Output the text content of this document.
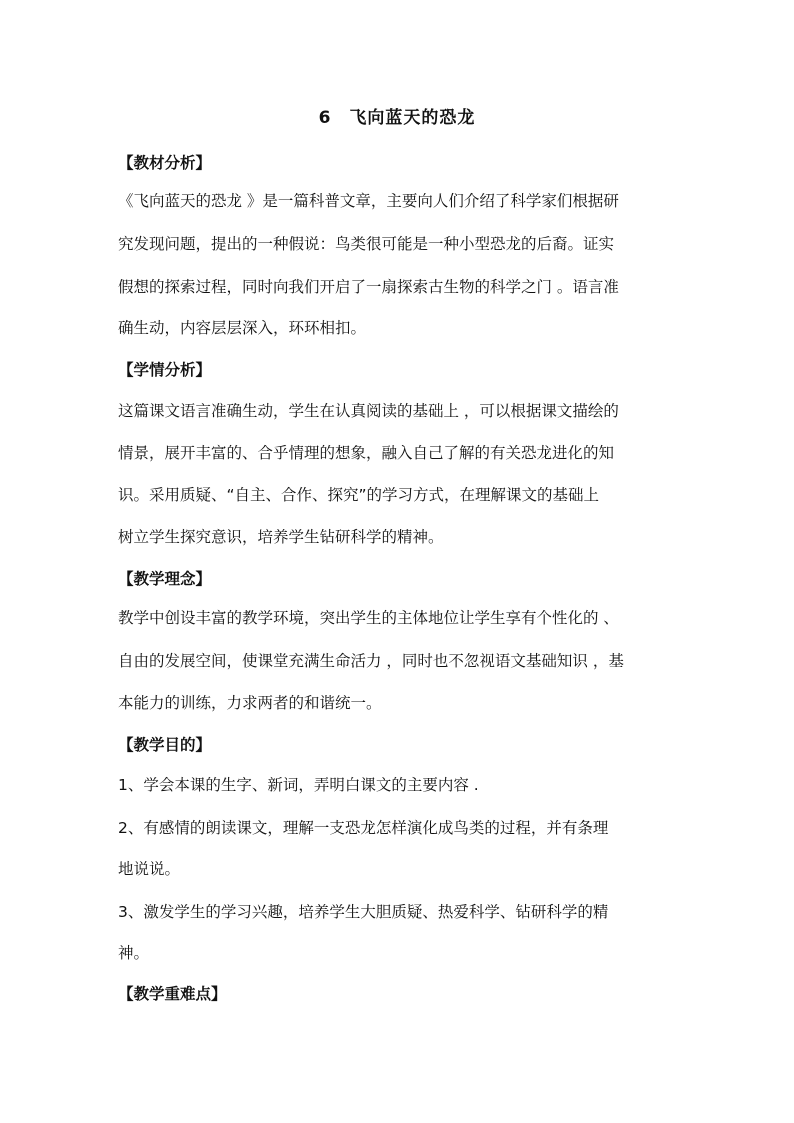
6　飞向蓝天的恐龙
【教材分析】

《飞向蓝天的恐龙 》是一篇科普文章，主要向人们介绍了科学家们根据研

究发现问题，提出的一种假说：鸟类很可能是一种小型恐龙的后裔。证实

假想的探索过程，同时向我们开启了一扇探索古生物的科学之门 。语言准

确生动，内容层层深入，环环相扣。

【学情分析】

这篇课文语言准确生动，学生在认真阅读的基础上 ，可以根据课文描绘的

情景，展开丰富的、合乎情理的想象，融入自己了解的有关恐龙进化的知

识。采用质疑、“自主、合作、探究”的学习方式，在理解课文的基础上

树立学生探究意识，培养学生钻研科学的精神。

【教学理念】

教学中创设丰富的教学环境，突出学生的主体地位让学生享有个性化的 、

自由的发展空间，使课堂充满生命活力 ，同时也不忽视语文基础知识 ，基

本能力的训练，力求两者的和谐统一。

【教学目的】

1、学会本课的生字、新词，弄明白课文的主要内容 .

2、有感情的朗读课文，理解一支恐龙怎样演化成鸟类的过程，并有条理

地说说。

3、激发学生的学习兴趣，培养学生大胆质疑、热爱科学、钻研科学的精

神。

【教学重难点】
